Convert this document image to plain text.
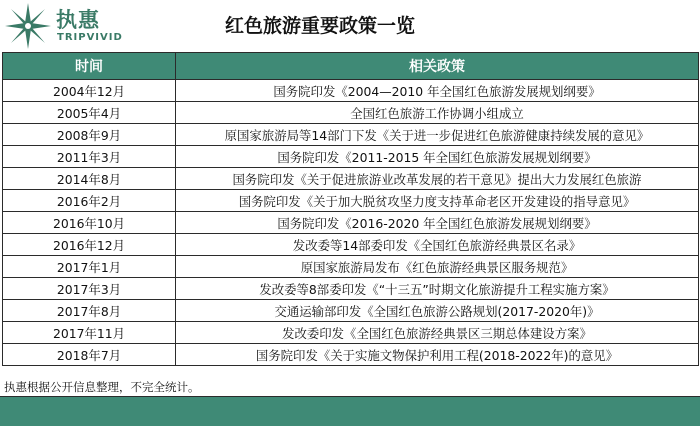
执惠
TRIPVIVID
红色旅游重要政策一览
时间	相关政策
2004年12月	国务院印发《2004—2010 年全国红色旅游发展规划纲要》
2005年4月	全国红色旅游工作协调小组成立
2008年9月	原国家旅游局等14部门下发《关于进一步促进红色旅游健康持续发展的意见》
2011年3月	国务院印发《2011-2015 年全国红色旅游发展规划纲要》
2014年8月	国务院印发《关于促进旅游业改革发展的若干意见》提出大力发展红色旅游
2016年2月	国务院印发《关于加大脱贫攻坚力度支持革命老区开发建设的指导意见》
2016年10月	国务院印发《2016-2020 年全国红色旅游发展规划纲要》
2016年12月	发改委等14部委印发《全国红色旅游经典景区名录》
2017年1月	原国家旅游局发布《红色旅游经典景区服务规范》
2017年3月	发改委等8部委印发《“十三五”时期文化旅游提升工程实施方案》
2017年8月	交通运输部印发《全国红色旅游公路规划(2017-2020年)》
2017年11月	发改委印发《全国红色旅游经典景区三期总体建设方案》
2018年7月	国务院印发《关于实施文物保护利用工程(2018-2022年)的意见》
执惠根据公开信息整理，不完全统计。
